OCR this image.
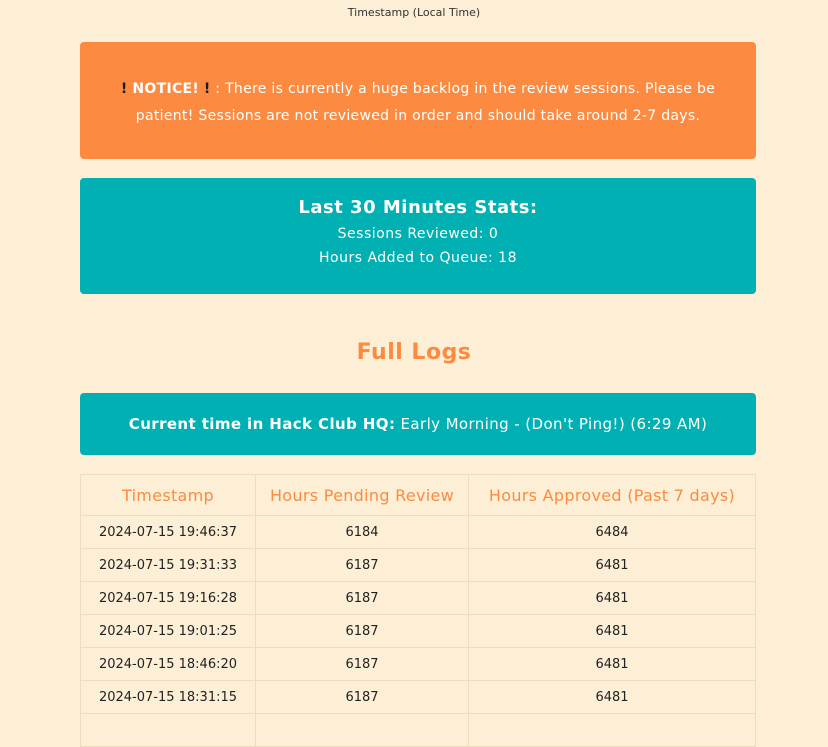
Timestamp (Local Time)
! NOTICE! ! : There is currently a huge backlog in the review sessions. Please be patient! Sessions are not reviewed in order and should take around 2-7 days.
Last 30 Minutes Stats:
Sessions Reviewed: 0
Hours Added to Queue: 18
Full Logs
Current time in Hack Club HQ: Early Morning - (Don't Ping!) (6:29 AM)
Timestamp	Hours Pending Review	Hours Approved (Past 7 days)
2024-07-15 19:46:37	6184	6484
2024-07-15 19:31:33	6187	6481
2024-07-15 19:16:28	6187	6481
2024-07-15 19:01:25	6187	6481
2024-07-15 18:46:20	6187	6481
2024-07-15 18:31:15	6187	6481
